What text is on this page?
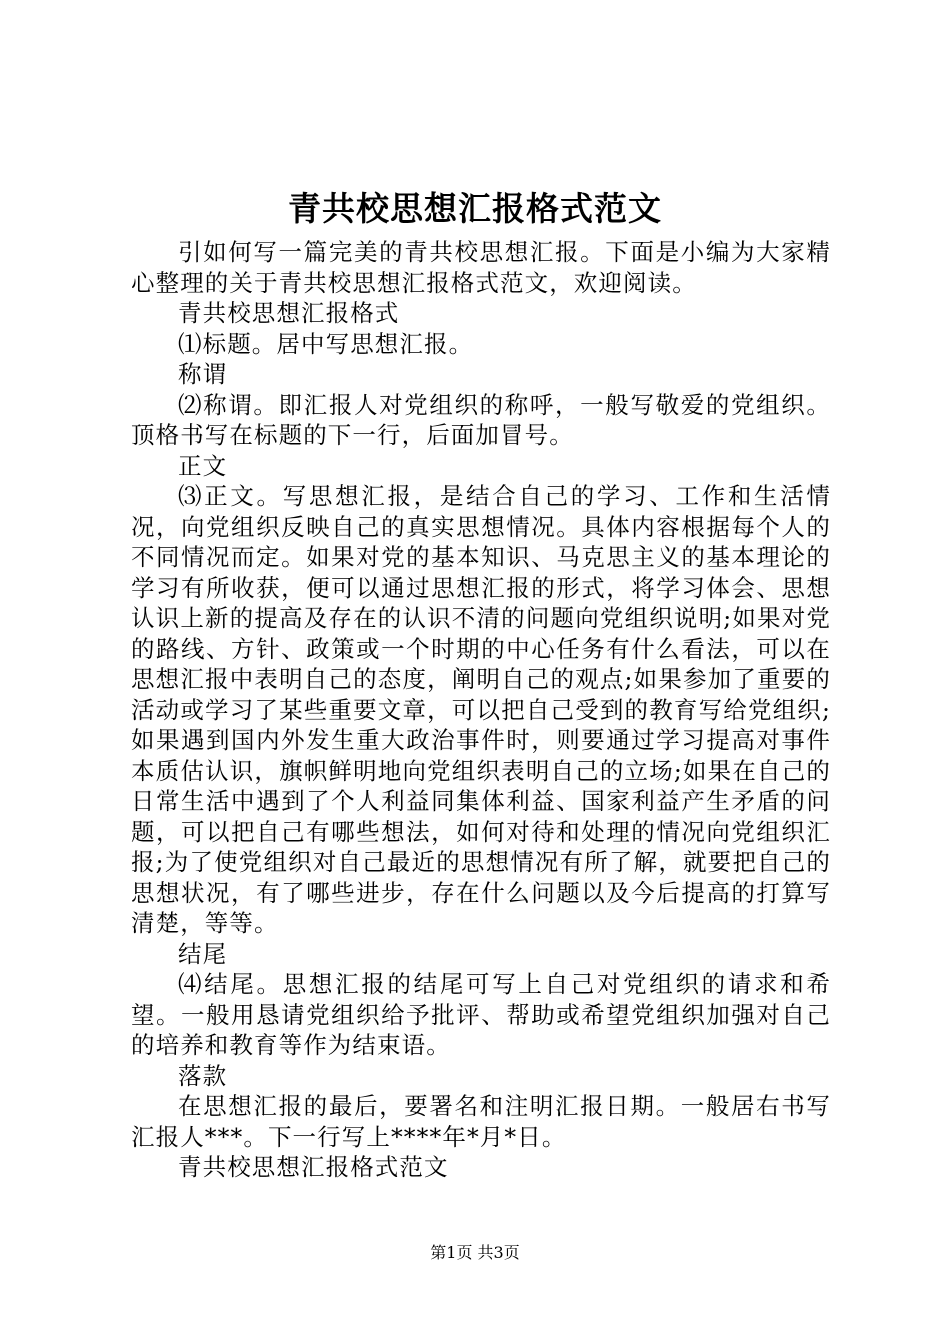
青共校思想汇报格式范文

引如何写一篇完美的青共校思想汇报。下面是小编为大家精心整理的关于青共校思想汇报格式范文，欢迎阅读。

青共校思想汇报格式

⑴标题。居中写思想汇报。

称谓

⑵称谓。即汇报人对党组织的称呼，一般写敬爱的党组织。顶格书写在标题的下一行，后面加冒号。

正文

⑶正文。写思想汇报，是结合自己的学习、工作和生活情况，向党组织反映自己的真实思想情况。具体内容根据每个人的不同情况而定。如果对党的基本知识、马克思主义的基本理论的学习有所收获，便可以通过思想汇报的形式，将学习体会、思想认识上新的提高及存在的认识不清的问题向党组织说明;如果对党的路线、方针、政策或一个时期的中心任务有什么看法，可以在思想汇报中表明自己的态度，阐明自己的观点;如果参加了重要的活动或学习了某些重要文章，可以把自己受到的教育写给党组织;如果遇到国内外发生重大政治事件时，则要通过学习提高对事件本质估认识，旗帜鲜明地向党组织表明自己的立场;如果在自己的日常生活中遇到了个人利益同集体利益、国家利益产生矛盾的问题，可以把自己有哪些想法，如何对待和处理的情况向党组织汇报;为了使党组织对自己最近的思想情况有所了解，就要把自己的思想状况，有了哪些进步，存在什么问题以及今后提高的打算写清楚，等等。

结尾

⑷结尾。思想汇报的结尾可写上自己对党组织的请求和希望。一般用恳请党组织给予批评、帮助或希望党组织加强对自己的培养和教育等作为结束语。

落款

在思想汇报的最后，要署名和注明汇报日期。一般居右书写汇报人***。下一行写上****年*月*日。

青共校思想汇报格式范文

第1页 共3页
